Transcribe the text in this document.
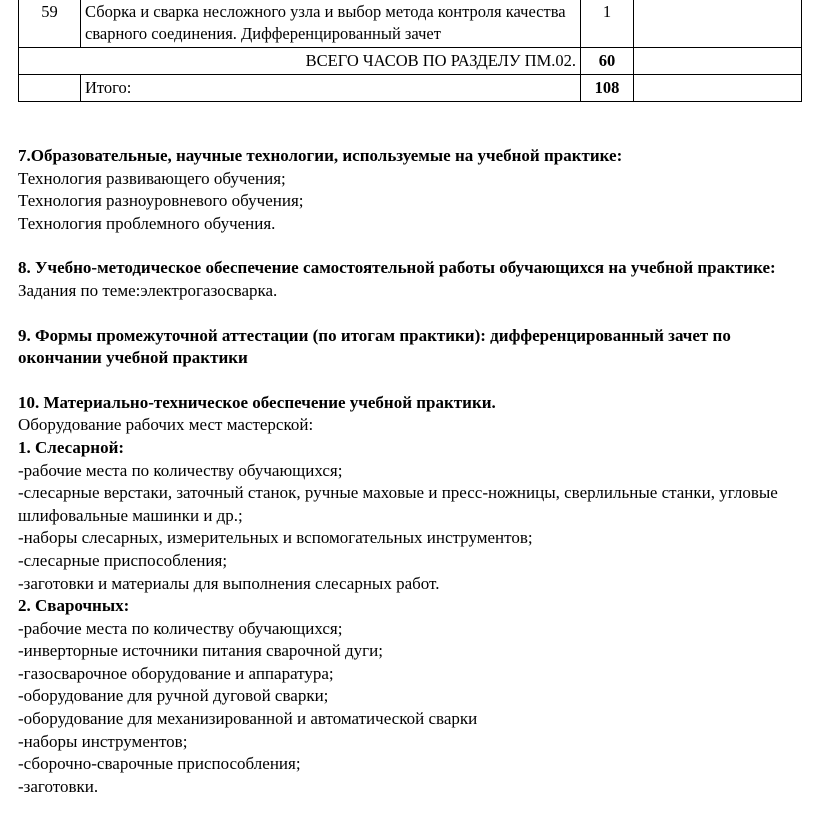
59	Сборка и сварка несложного узла и выбор метода контроля качества сварного соединения. Дифференцированный зачет	1	
ВСЕГО ЧАСОВ ПО РАЗДЕЛУ ПМ.02.		60	
	Итого:	108	

7.Образовательные, научные технологии, используемые на учебной практике:

Технология развивающего обучения;

Технология разноуровневого обучения;

Технология проблемного обучения.

8. Учебно-методическое обеспечение самостоятельной работы обучающихся на учебной практике:

Задания по теме:электрогазосварка.

9. Формы промежуточной аттестации (по итогам практики): дифференцированный зачет по окончании учебной практики

10. Материально-техническое обеспечение учебной практики.

Оборудование рабочих мест мастерской:

1. Слесарной:

-рабочие места по количеству обучающихся;

-слесарные верстаки, заточный станок, ручные маховые и пресс-ножницы, сверлильные станки, угловые шлифовальные машинки и др.;

-наборы слесарных, измерительных и вспомогательных инструментов;

-слесарные приспособления;

-заготовки и материалы для выполнения слесарных работ.

2. Сварочных:

-рабочие места по количеству обучающихся;

-инверторные источники питания сварочной дуги;

-газосварочное оборудование и аппаратура;

-оборудование для ручной дуговой сварки;

-оборудование для механизированной и автоматической сварки

-наборы инструментов;

-сборочно-сварочные приспособления;

-заготовки.
